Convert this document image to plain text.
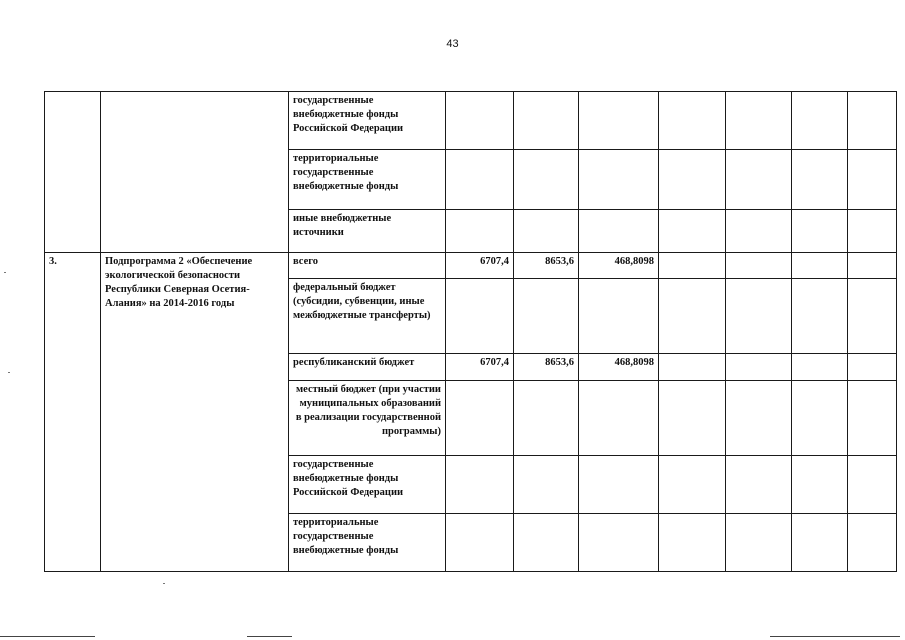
43
		государственные внебюджетные фонды Российской Федерации							
		территориальные государственные внебюджетные фонды							
		иные внебюджетные источники							
3.	Подпрограмма 2 «Обеспечение экологической безопасности Республики Северная Осетия-Алания» на 2014-2016 годы	всего	6707,4	8653,6	468,8098				
		федеральный бюджет (субсидии, субвенции, иные межбюджетные трансферты)							
		республиканский бюджет	6707,4	8653,6	468,8098				
		местный бюджет (при участии муниципальных образований в реализации государственной программы)							
		государственные внебюджетные фонды Российской Федерации							
		территориальные государственные внебюджетные фонды							
